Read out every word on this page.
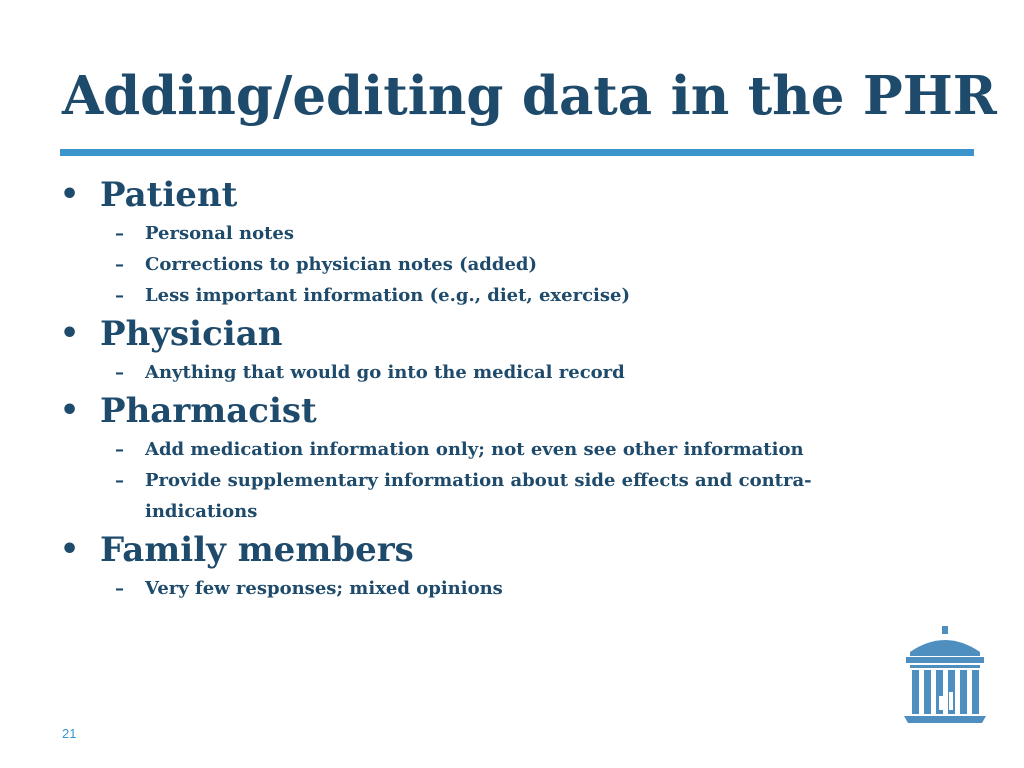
Adding/editing data in the PHR
• Patient
– Personal notes
– Corrections to physician notes (added)
– Less important information (e.g., diet, exercise)
• Physician
– Anything that would go into the medical record
• Pharmacist
– Add medication information only; not even see other information
– Provide supplementary information about side effects and contra-indications
• Family members
– Very few responses; mixed opinions
21
